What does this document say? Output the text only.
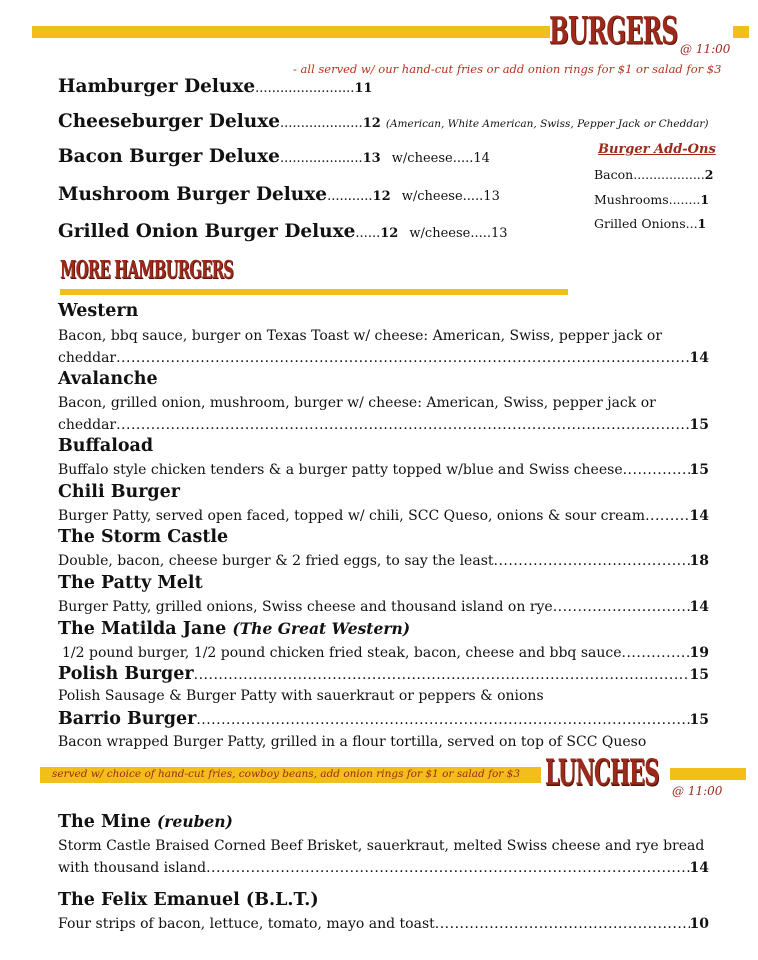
BURGERS @ 11:00
- all served w/ our hand-cut fries or add onion rings for $1 or salad for $3
Hamburger Deluxe........................11
Cheeseburger Deluxe....................12 (American, White American, Swiss, Pepper Jack or Cheddar)
Bacon Burger Deluxe....................13 w/cheese.....14
Mushroom Burger Deluxe...........12 w/cheese.....13
Grilled Onion Burger Deluxe......12 w/cheese.....13
Burger Add-Ons
Bacon..................2
Mushrooms........1
Grilled Onions...1
MORE HAMBURGERS
Western
Bacon, bbq sauce, burger on Texas Toast w/ cheese: American, Swiss, pepper jack or
cheddar .....	14
Avalanche
Bacon, grilled onion, mushroom, burger w/ cheese: American, Swiss, pepper jack or
cheddar .....	15
Buffaload
Buffalo style chicken tenders & a burger patty topped w/blue and Swiss cheese .....	15
Chili Burger
Burger Patty, served open faced, topped w/ chili, SCC Queso, onions & sour cream .....	14
The Storm Castle
Double, bacon, cheese burger & 2 fried eggs, to say the least .....	18
The Patty Melt
Burger Patty, grilled onions, Swiss cheese and thousand island on rye .....	14
The Matilda Jane (The Great Western)
1/2 pound burger, 1/2 pound chicken fried steak, bacon, cheese and bbq sauce .....	19
Polish Burger .....	15
Polish Sausage & Burger Patty with sauerkraut or peppers & onions
Barrio Burger .....	15
Bacon wrapped Burger Patty, grilled in a flour tortilla, served on top of SCC Queso
served w/ choice of hand-cut fries, cowboy beans, add onion rings for $1 or salad for $3 LUNCHES @ 11:00
The Mine (reuben)
Storm Castle Braised Corned Beef Brisket, sauerkraut, melted Swiss cheese and rye bread
with thousand island .....	14
The Felix Emanuel (B.L.T.)
Four strips of bacon, lettuce, tomato, mayo and toast .....	10
